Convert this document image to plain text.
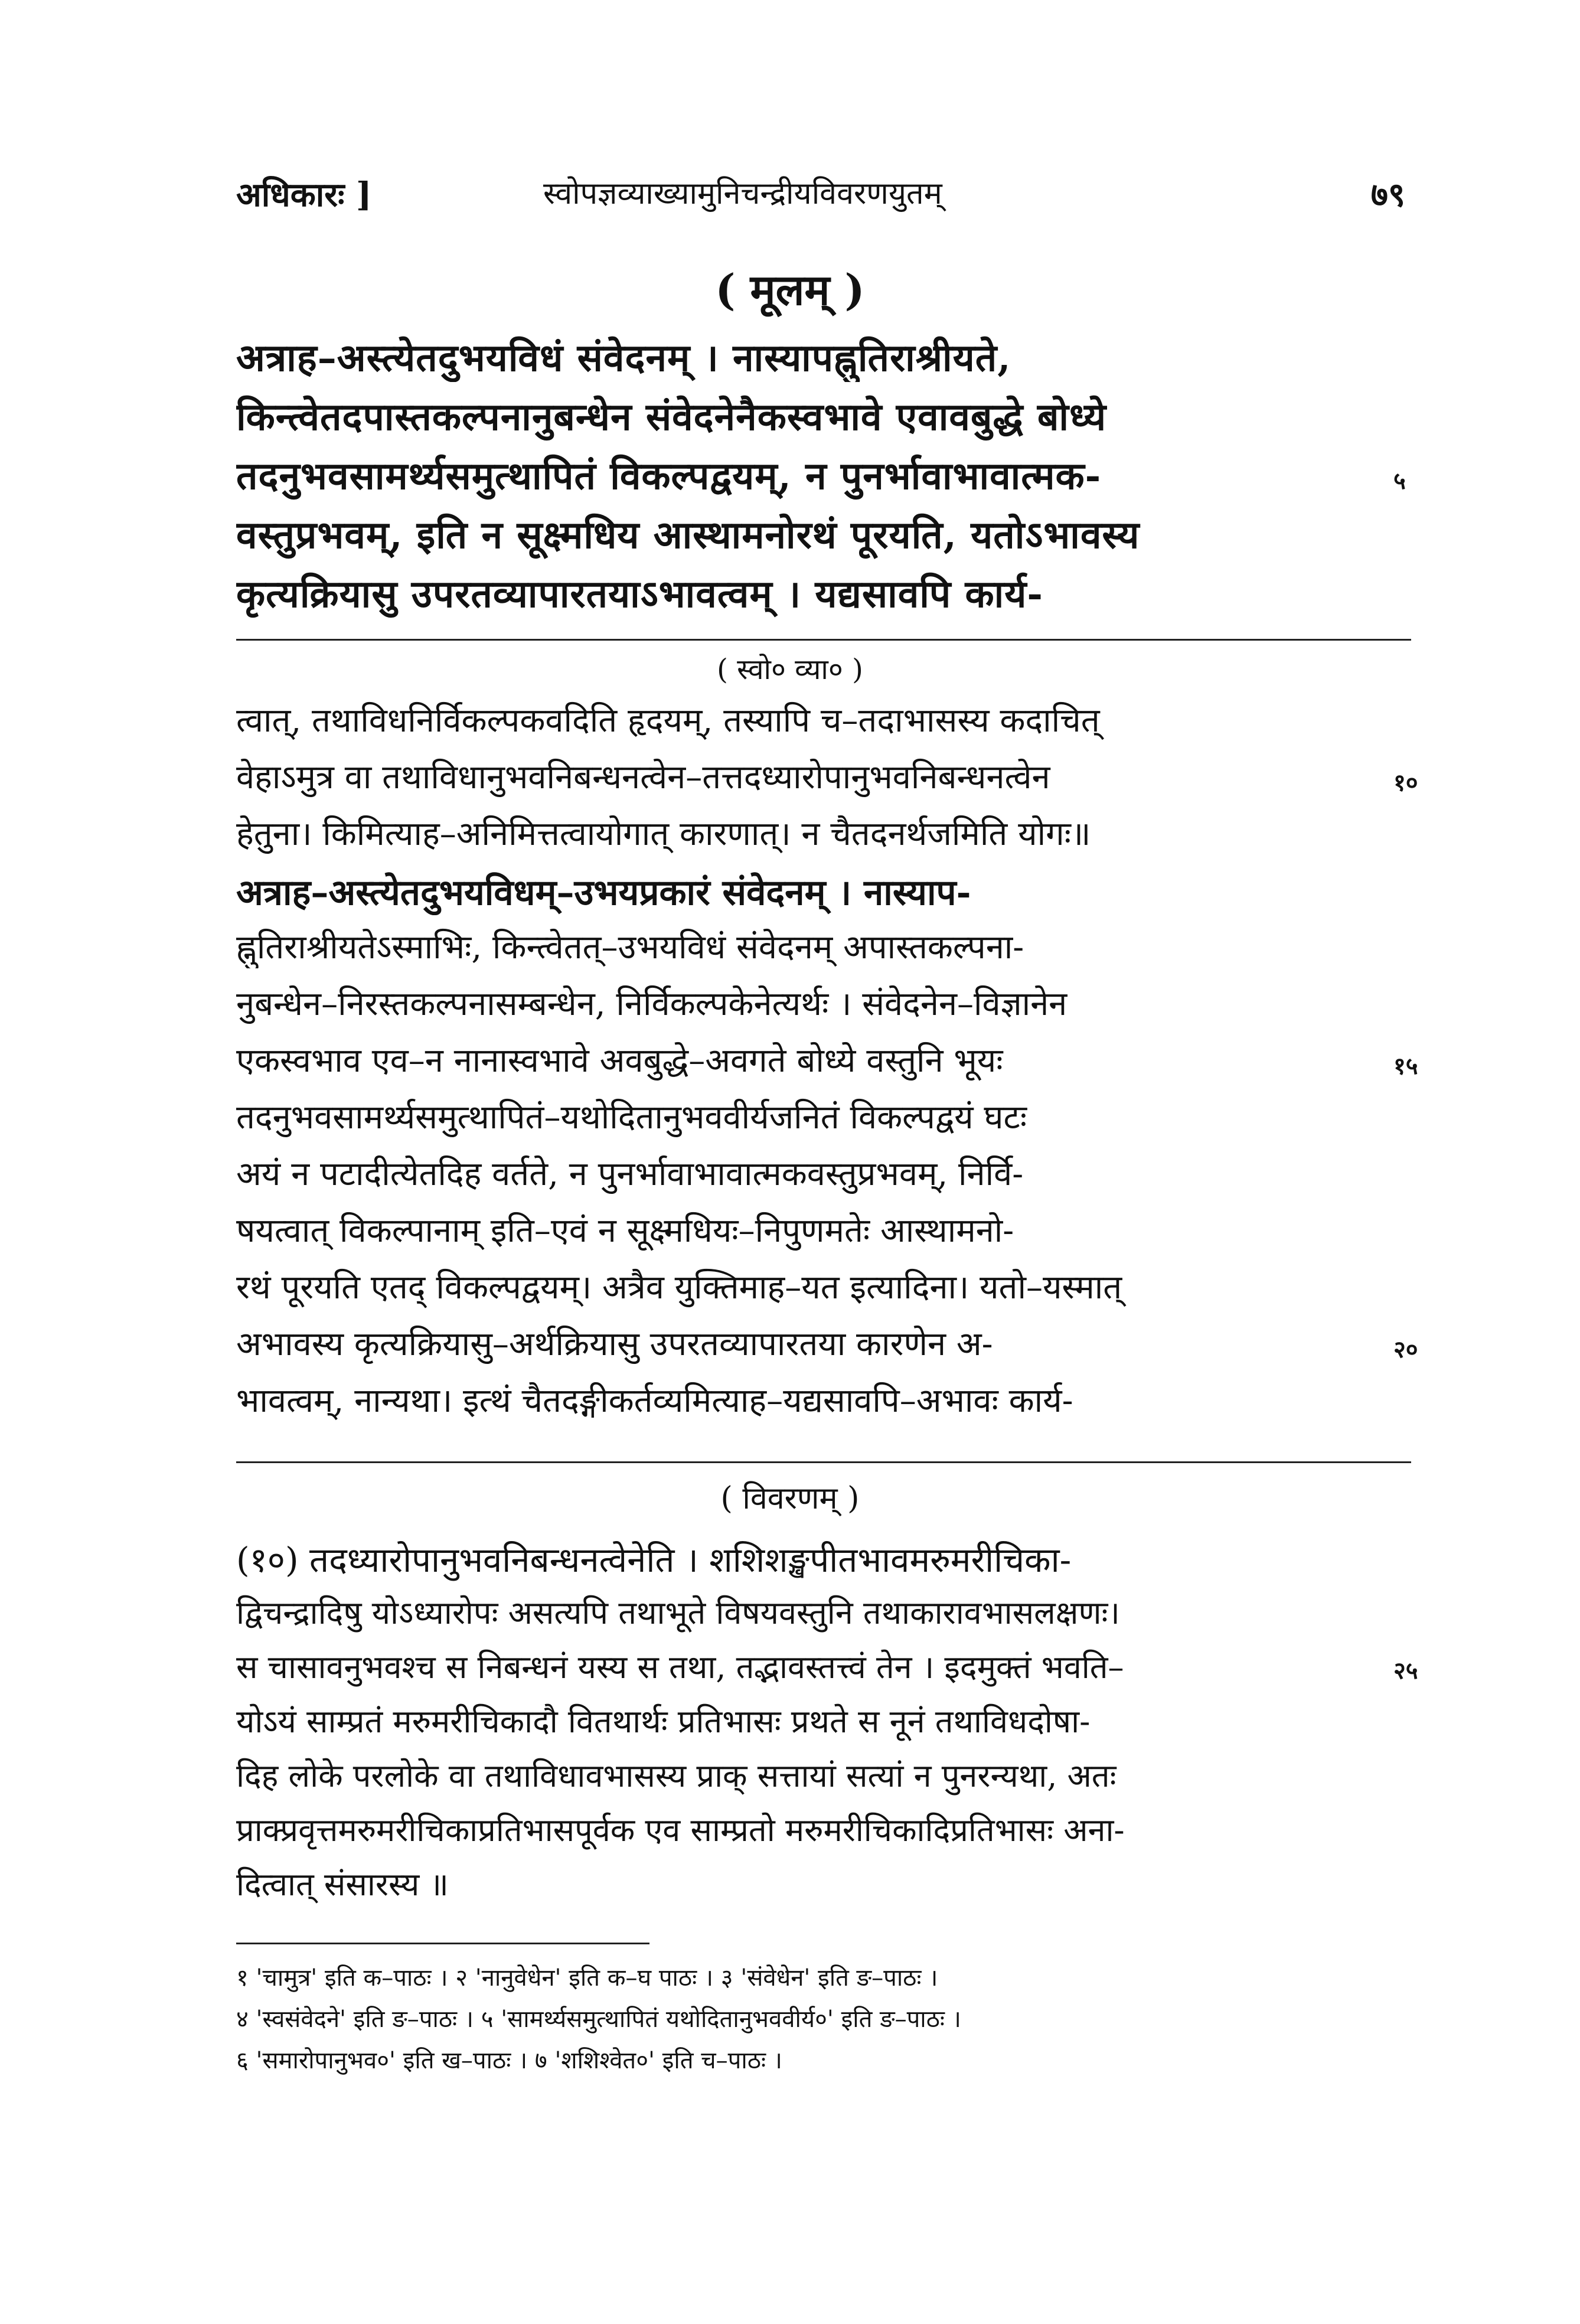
अधिकारः ]	स्वोपज्ञव्याख्यामुनिचन्द्रीयविवरणयुतम्	७९
( मूलम् )
अत्राह–अस्त्येतदुभयविधं संवेदनम् । नास्यापह्नुतिराश्रीयते,
किन्त्वेतदपास्तकल्पनानुबन्धेन संवेदनेनैकस्वभावे एवावबुद्धे बोध्ये
तदनुभवसामर्थ्यसमुत्थापितं विकल्पद्वयम्, न पुनर्भावाभावात्मक-
वस्तुप्रभवम्, इति न सूक्ष्मधिय आस्थामनोरथं पूरयति, यतोऽभावस्य
कृत्यक्रियासु उपरतव्यापारतयाऽभावत्वम् । यद्यसावपि कार्य-
५
( स्वो० व्या० )
त्वात्, तथाविधनिर्विकल्पकवदिति हृदयम्, तस्यापि च–तदाभासस्य कदाचित्
वेहाऽमुत्र वा तथाविधानुभवनिबन्धनत्वेन–तत्तदध्यारोपानुभवनिबन्धनत्वेन
हेतुना। किमित्याह–अनिमित्तत्वायोगात् कारणात्। न चैतदनर्थजमिति योगः॥
अत्राह–अस्त्येतदुभयविधम्–उभयप्रकारं संवेदनम् । नास्याप-
ह्नुतिराश्रीयतेऽस्माभिः, किन्त्वेतत्–उभयविधं संवेदनम् अपास्तकल्पना-
नुबन्धेन–निरस्तकल्पनासम्बन्धेन, निर्विकल्पकेनेत्यर्थः । संवेदनेन–विज्ञानेन
एकस्वभाव एव–न नानास्वभावे अवबुद्धे–अवगते बोध्ये वस्तुनि भूयः
तदनुभवसामर्थ्यसमुत्थापितं–यथोदितानुभववीर्यजनितं विकल्पद्वयं घटः
अयं न पटादीत्येतदिह वर्तते, न पुनर्भावाभावात्मकवस्तुप्रभवम्, निर्वि-
षयत्वात् विकल्पानाम् इति–एवं न सूक्ष्मधियः–निपुणमतेः आस्थामनो-
रथं पूरयति एतद् विकल्पद्वयम्। अत्रैव युक्तिमाह–यत इत्यादिना। यतो–यस्मात्
अभावस्य कृत्यक्रियासु–अर्थक्रियासु उपरतव्यापारतया कारणेन अ-
भावत्वम्, नान्यथा। इत्थं चैतदङ्गीकर्तव्यमित्याह–यद्यसावपि–अभावः कार्य-
१०
१५
२०
( विवरणम् )
(१०) तदध्यारोपानुभवनिबन्धनत्वेनेति । शशिशङ्खपीतभावमरुमरीचिका-
द्विचन्द्रादिषु योऽध्यारोपः असत्यपि तथाभूते विषयवस्तुनि तथाकारावभासलक्षणः।
स चासावनुभवश्च स निबन्धनं यस्य स तथा, तद्भावस्तत्त्वं तेन । इदमुक्तं भवति–
योऽयं साम्प्रतं मरुमरीचिकादौ वितथार्थः प्रतिभासः प्रथते स नूनं तथाविधदोषा-
दिह लोके परलोके वा तथाविधावभासस्य प्राक् सत्तायां सत्यां न पुनरन्यथा, अतः
प्राक्प्रवृत्तमरुमरीचिकाप्रतिभासपूर्वक एव साम्प्रतो मरुमरीचिकादिप्रतिभासः अना-
दित्वात् संसारस्य ॥
२५
१ 'चामुत्र' इति क–पाठः । २ 'नानुवेधेन' इति क–घ पाठः । ३ 'संवेधेन' इति ङ–पाठः ।
४ 'स्वसंवेदने' इति ङ–पाठः । ५ 'सामर्थ्यसमुत्थापितं यथोदितानुभववीर्य०' इति ङ–पाठः ।
६ 'समारोपानुभव०' इति ख–पाठः । ७ 'शशिश्वेत०' इति च–पाठः ।
